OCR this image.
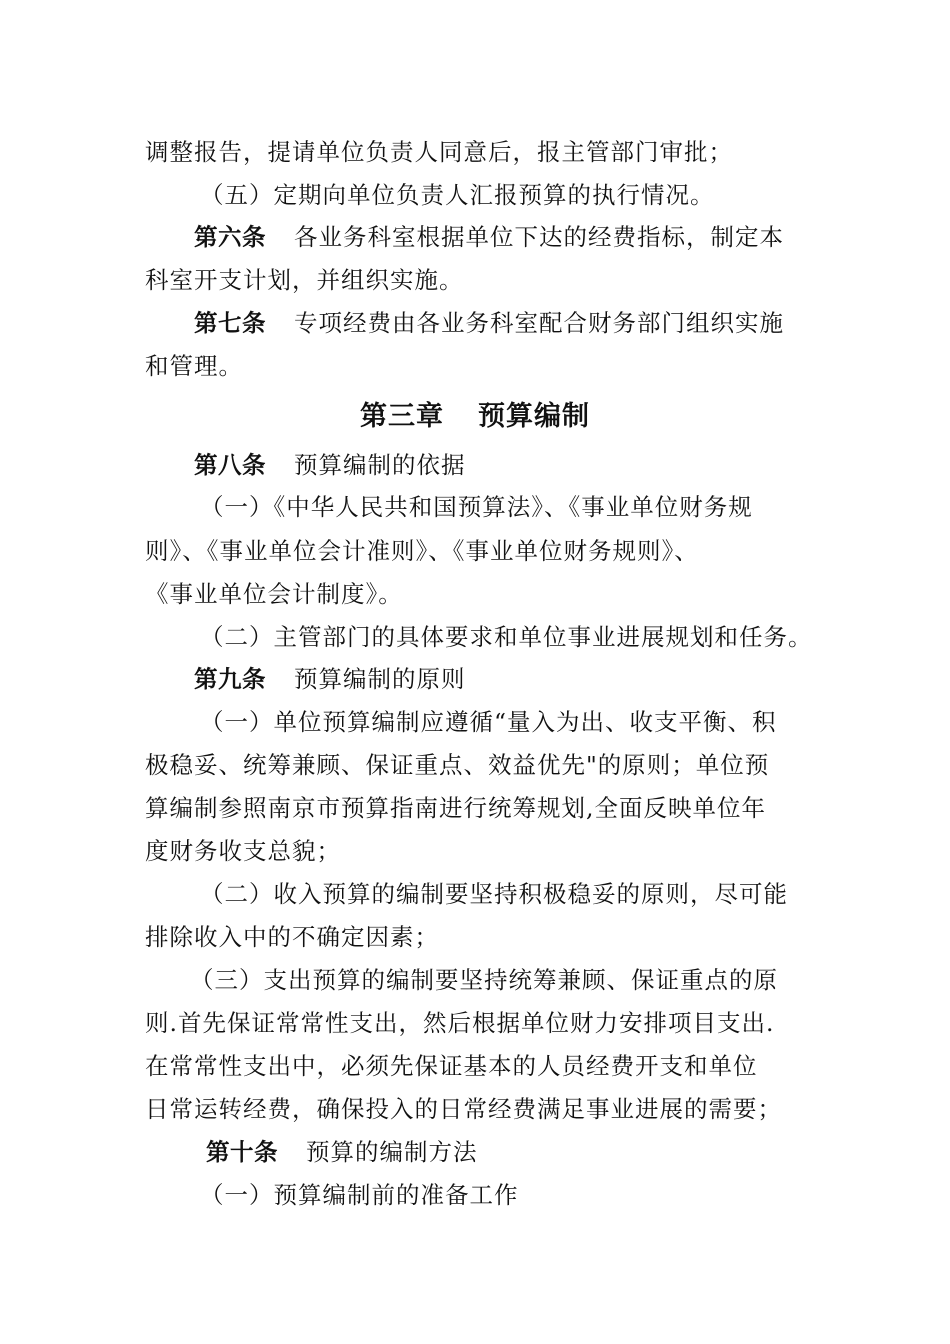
调整报告，提请单位负责人同意后，报主管部门审批；
（五）定期向单位负责人汇报预算的执行情况。
第六条 各业务科室根据单位下达的经费指标，制定本
科室开支计划，并组织实施。
第七条 专项经费由各业务科室配合财务部门组织实施
和管理。
第三章 预算编制
第八条 预算编制的依据
（一）《中华人民共和国预算法》、《事业单位财务规
则》、《事业单位会计准则》、《事业单位财务规则》、
《事业单位会计制度》。
（二）主管部门的具体要求和单位事业进展规划和任务。
第九条 预算编制的原则
（一）单位预算编制应遵循“量入为出、收支平衡、积
极稳妥、统筹兼顾、保证重点、效益优先"的原则；单位预
算编制参照南京市预算指南进行统筹规划,全面反映单位年
度财务收支总貌；
（二）收入预算的编制要坚持积极稳妥的原则，尽可能
排除收入中的不确定因素；
（三）支出预算的编制要坚持统筹兼顾、保证重点的原
则.首先保证常常性支出，然后根据单位财力安排项目支出.
在常常性支出中，必须先保证基本的人员经费开支和单位
日常运转经费，确保投入的日常经费满足事业进展的需要；
第十条 预算的编制方法
（一）预算编制前的准备工作
